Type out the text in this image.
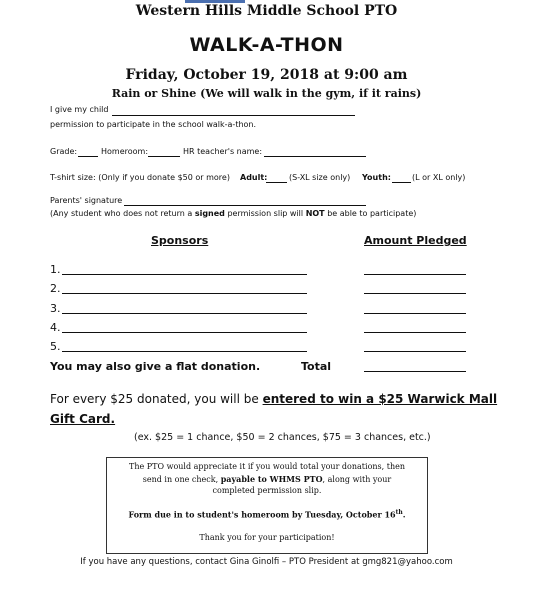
Western Hills Middle School PTO
WALK-A-THON
Friday, October 19, 2018 at 9:00 am
Rain or Shine (We will walk in the gym, if it rains)
I give my child
permission to participate in the school walk-a-thon.
Grade:	Homeroom:	HR teacher's name:
T-shirt size: (Only if you donate $50 or more) Adult:	(S-XL size only) Youth:	(L or XL only)
Parents' signature
(Any student who does not return a signed permission slip will NOT be able to participate)
Sponsors	Amount Pledged
1.
2.
3.
4.
5.
You may also give a flat donation.	Total
For every $25 donated, you will be entered to win a $25 Warwick Mall
Gift Card.
(ex. $25 = 1 chance, $50 = 2 chances, $75 = 3 chances, etc.)
The PTO would appreciate it if you would total your donations, then
send in one check, payable to WHMS PTO, along with your
completed permission slip.
Form due in to student's homeroom by Tuesday, October 16th.
Thank you for your participation!
If you have any questions, contact Gina Ginolfi – PTO President at gmg821@yahoo.com
